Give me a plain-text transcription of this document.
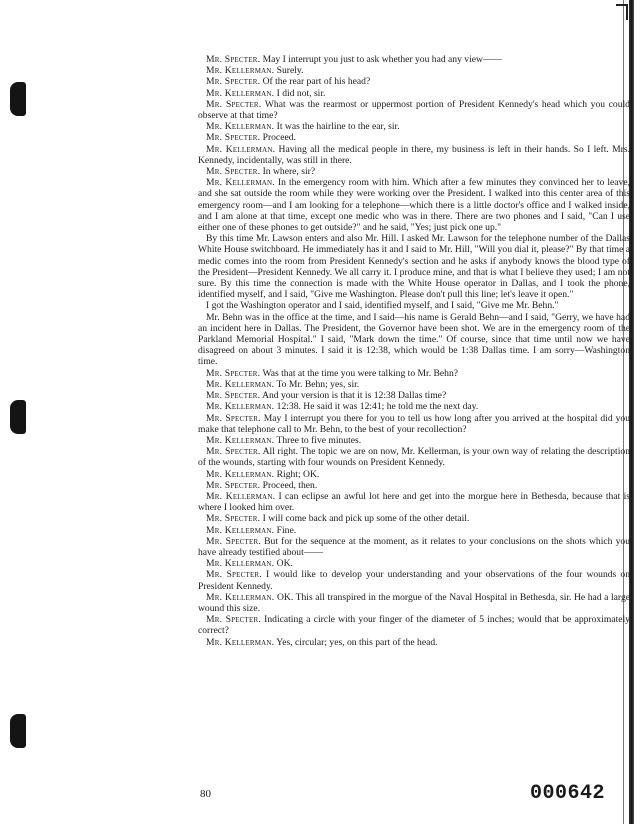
Mr. Specter. May I interrupt you just to ask whether you had any view——

Mr. Kellerman. Surely.

Mr. Specter. Of the rear part of his head?

Mr. Kellerman. I did not, sir.

Mr. Specter. What was the rearmost or uppermost portion of President Kennedy's head which you could observe at that time?

Mr. Kellerman. It was the hairline to the ear, sir.

Mr. Specter. Proceed.

Mr. Kellerman. Having all the medical people in there, my business is left in their hands. So I left. Mrs. Kennedy, incidentally, was still in there.

Mr. Specter. In where, sir?

Mr. Kellerman. In the emergency room with him. Which after a few minutes they convinced her to leave, and she sat outside the room while they were working over the President. I walked into this center area of this emergency room—and I am looking for a telephone—which there is a little doctor's office and I walked inside, and I am alone at that time, except one medic who was in there. There are two phones and I said, "Can I use either one of these phones to get outside?" and he said, "Yes; just pick one up."

By this time Mr. Lawson enters and also Mr. Hill. I asked Mr. Lawson for the telephone number of the Dallas White House switchboard. He immediately has it and I said to Mr. Hill, "Will you dial it, please?" By that time a medic comes into the room from President Kennedy's section and he asks if anybody knows the blood type of the President—President Kennedy. We all carry it. I produce mine, and that is what I believe they used; I am not sure. By this time the connection is made with the White House operator in Dallas, and I took the phone, identified myself, and I said, "Give me Washington. Please don't pull this line; let's leave it open."

I got the Washington operator and I said, identified myself, and I said, "Give me Mr. Behn."

Mr. Behn was in the office at the time, and I said—his name is Gerald Behn—and I said, "Gerry, we have had an incident here in Dallas. The President, the Governor have been shot. We are in the emergency room of the Parkland Memorial Hospital." I said, "Mark down the time." Of course, since that time until now we have disagreed on about 3 minutes. I said it is 12:38, which would be 1:38 Dallas time. I am sorry—Washington time.

Mr. Specter. Was that at the time you were talking to Mr. Behn?

Mr. Kellerman. To Mr. Behn; yes, sir.

Mr. Specter. And your version is that it is 12:38 Dallas time?

Mr. Kellerman. 12:38. He said it was 12:41; he told me the next day.

Mr. Specter. May I interrupt you there for you to tell us how long after you arrived at the hospital did you make that telephone call to Mr. Behn, to the best of your recollection?

Mr. Kellerman. Three to five minutes.

Mr. Specter. All right. The topic we are on now, Mr. Kellerman, is your own way of relating the description of the wounds, starting with four wounds on President Kennedy.

Mr. Kellerman. Right; OK.

Mr. Specter. Proceed, then.

Mr. Kellerman. I can eclipse an awful lot here and get into the morgue here in Bethesda, because that is where I looked him over.

Mr. Specter. I will come back and pick up some of the other detail.

Mr. Kellerman. Fine.

Mr. Specter. But for the sequence at the moment, as it relates to your conclusions on the shots which you have already testified about——

Mr. Kellerman. OK.

Mr. Specter. I would like to develop your understanding and your observations of the four wounds on President Kennedy.

Mr. Kellerman. OK. This all transpired in the morgue of the Naval Hospital in Bethesda, sir. He had a large wound this size.

Mr. Specter. Indicating a circle with your finger of the diameter of 5 inches; would that be approximately correct?

Mr. Kellerman. Yes, circular; yes, on this part of the head.

80	000642
